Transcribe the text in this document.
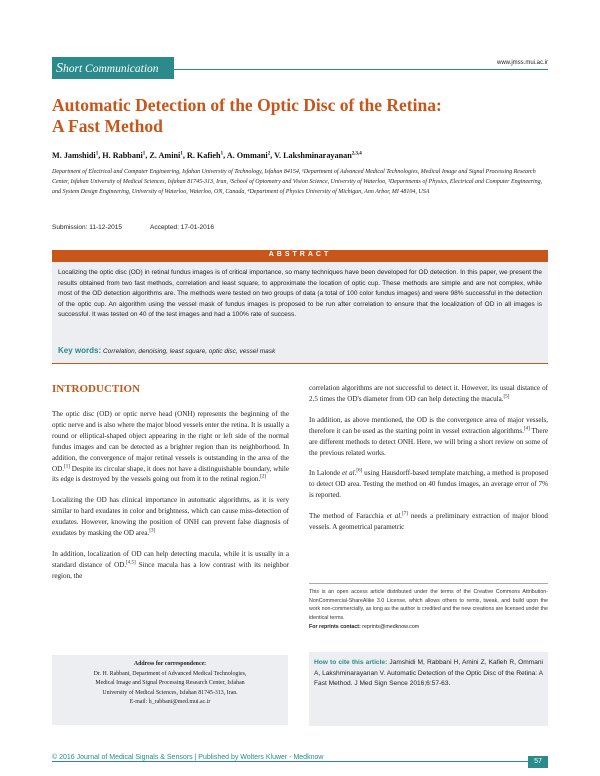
Short Communication	www.jmss.mui.ac.ir
Automatic Detection of the Optic Disc of the Retina:
A Fast Method
M. Jamshidi$^1$, H. Rabbani$^1$, Z. Amini$^1$, R. Kafieh$^1$, A. Ommani$^2$, V. Lakshminarayanan$^{2,3,4}$
Department of Electrical and Computer Engineering, Isfahan University of Technology, Isfahan 84154, ¹Department of Advanced Medical Technologies, Medical Image and Signal Processing Research Center, Isfahan University of Medical Sciences, Isfahan 81745-313, Iran, ²School of Optometry and Vision Science, University of Waterloo, ³Departments of Physics, Electrical and Computer Engineering, and System Design Engineering, University of Waterloo, Waterloo, ON, Canada, ⁴Department of Physics University of Michigan, Ann Arbor, MI 48104, USA
Submission: 11-12-2015	Accepted: 17-01-2016
ABSTRACT
Localizing the optic disc (OD) in retinal fundus images is of critical importance, so many techniques have been developed for OD detection. In this paper, we present the results obtained from two fast methods, correlation and least square, to approximate the location of optic cup. These methods are simple and are not complex, while most of the OD detection algorithms are. The methods were tested on two groups of data (a total of 100 color fundus images) and were 98% successful in the detection of the optic cup. An algorithm using the vessel mask of fundus images is proposed to be run after correlation to ensure that the localization of OD in all images is successful. It was tested on 40 of the test images and had a 100% rate of success.
Key words: Correlation, denoising, least square, optic disc, vessel mask
INTRODUCTION

The optic disc (OD) or optic nerve head (ONH) represents the beginning of the optic nerve and is also where the major blood vessels enter the retina. It is usually a round or elliptical-shaped object appearing in the right or left side of the normal fundus images and can be detected as a brighter region than its neighborhood. In addition, the convergence of major retinal vessels is outstanding in the area of the OD.[1] Despite its circular shape, it does not have a distinguishable boundary, while its edge is destroyed by the vessels going out from it to the retinal region.[2]

Localizing the OD has clinical importance in automatic algorithms, as it is very similar to hard exudates in color and brightness, which can cause miss-detection of exudates. However, knowing the position of ONH can prevent false diagnosis of exudates by masking the OD area.[3]

In addition, localization of OD can help detecting macula, while it is usually in a standard distance of OD.[4,5] Since macula has a low contrast with its neighbor region, the

Address for correspondence:
Dr. H. Rabbani, Department of Advanced Medical Technologies,
Medical Image and Signal Processing Research Center, Isfahan
University of Medical Sciences, Isfahan 81745-313, Iran.
E-mail: h_rabbani@med.mui.ac.ir

correlation algorithms are not successful to detect it. However, its usual distance of 2.5 times the OD's diameter from OD can help detecting the macula.[5]

In addition, as above mentioned, the OD is the convergence area of major vessels, therefore it can be used as the starting point in vessel extraction algorithms.[4] There are different methods to detect ONH. Here, we will bring a short review on some of the previous related works.

In Lalonde et al.[6] using Hausdorff-based template matching, a method is proposed to detect OD area. Testing the method on 40 fundus images, an average error of 7% is reported.

The method of Faracchia et al.[7] needs a preliminary extraction of major blood vessels. A geometrical parametric

This is an open access article distributed under the terms of the Creative Commons Attribution-NonCommercial-ShareAlike 3.0 License, which allows others to remix, tweak, and build upon the work non-commercially, as long as the author is credited and the new creations are licensed under the identical terms.
For reprints contact: reprints@medknow.com
How to cite this article: Jamshidi M, Rabbani H, Amini Z, Kafieh R, Ommani A, Lakshminarayanan V. Automatic Detection of the Optic Disc of the Retina: A Fast Method. J Med Sign Sence 2016;6:57-63.
© 2016 Journal of Medical Signals & Sensors | Published by Wolters Kluwer - Medknow
57
